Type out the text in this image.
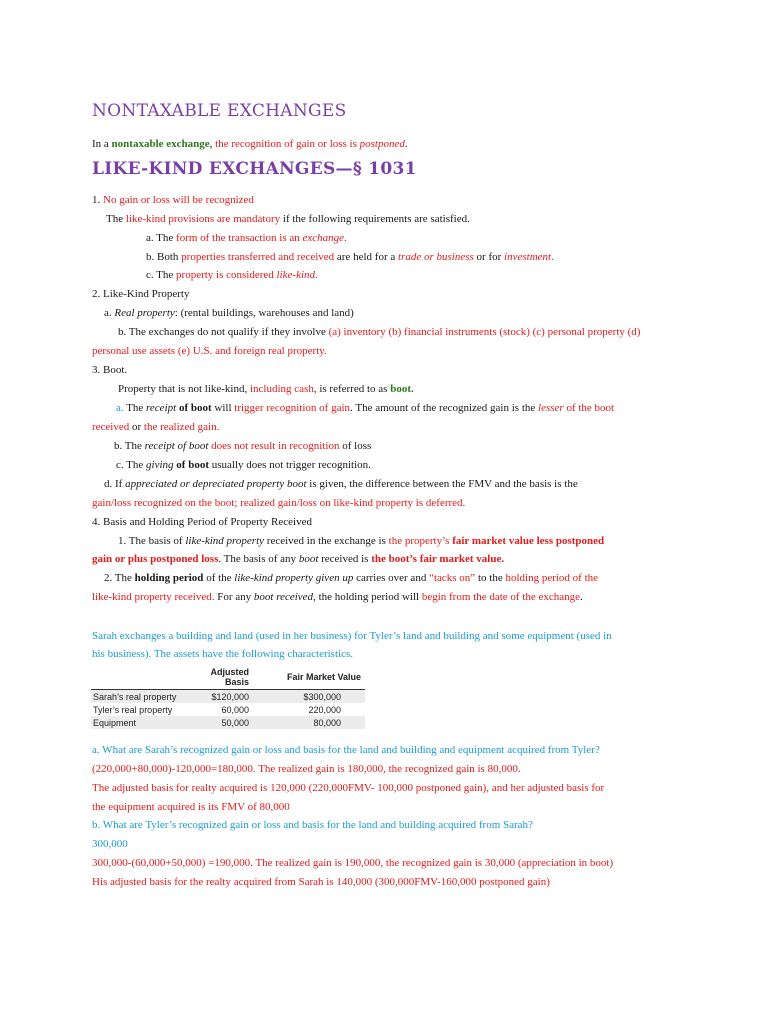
NONTAXABLE EXCHANGES
In a nontaxable exchange, the recognition of gain or loss is postponed.
LIKE-KIND EXCHANGES—§ 1031
1. No gain or loss will be recognized
The like-kind provisions are mandatory if the following requirements are satisfied.
a. The form of the transaction is an exchange.
b. Both properties transferred and received are held for a trade or business or for investment.
c. The property is considered like-kind.
2. Like-Kind Property
a. Real property: (rental buildings, warehouses and land)
b. The exchanges do not qualify if they involve (a) inventory (b) financial instruments (stock) (c) personal property (d)
personal use assets (e) U.S. and foreign real property.
3. Boot.
Property that is not like-kind, including cash, is referred to as boot.
a. The receipt of boot will trigger recognition of gain. The amount of the recognized gain is the lesser of the boot
received or the realized gain.
b. The receipt of boot does not result in recognition of loss
c. The giving of boot usually does not trigger recognition.
d. If appreciated or depreciated property boot is given, the difference between the FMV and the basis is the
gain/loss recognized on the boot; realized gain/loss on like-kind property is deferred.
4. Basis and Holding Period of Property Received
1. The basis of like-kind property received in the exchange is the property’s fair market value less postponed
gain or plus postponed loss. The basis of any boot received is the boot’s fair market value.
2. The holding period of the like-kind property given up carries over and “tacks on” to the holding period of the
like-kind property received. For any boot received, the holding period will begin from the date of the exchange.
Sarah exchanges a building and land (used in her business) for Tyler’s land and building and some equipment (used in
his business). The assets have the following characteristics.
	Adjusted Basis	Fair Market Value
Sarah’s real property	$120,000	$300,000
Tyler’s real property	60,000	220,000
Equipment	50,000	80,000
a. What are Sarah’s recognized gain or loss and basis for the land and building and equipment acquired from Tyler?
(220,000+80,000)-120,000=180,000. The realized gain is 180,000, the recognized gain is 80,000.
The adjusted basis for realty acquired is 120,000 (220,000FMV- 100,000 postponed gain), and her adjusted basis for
the equipment acquired is its FMV of 80,000
b. What are Tyler’s recognized gain or loss and basis for the land and building acquired from Sarah?
300,000
300,000-(60,000+50,000) =190,000. The realized gain is 190,000, the recognized gain is 30,000 (appreciation in boot)
His adjusted basis for the realty acquired from Sarah is 140,000 (300,000FMV-160,000 postponed gain)
